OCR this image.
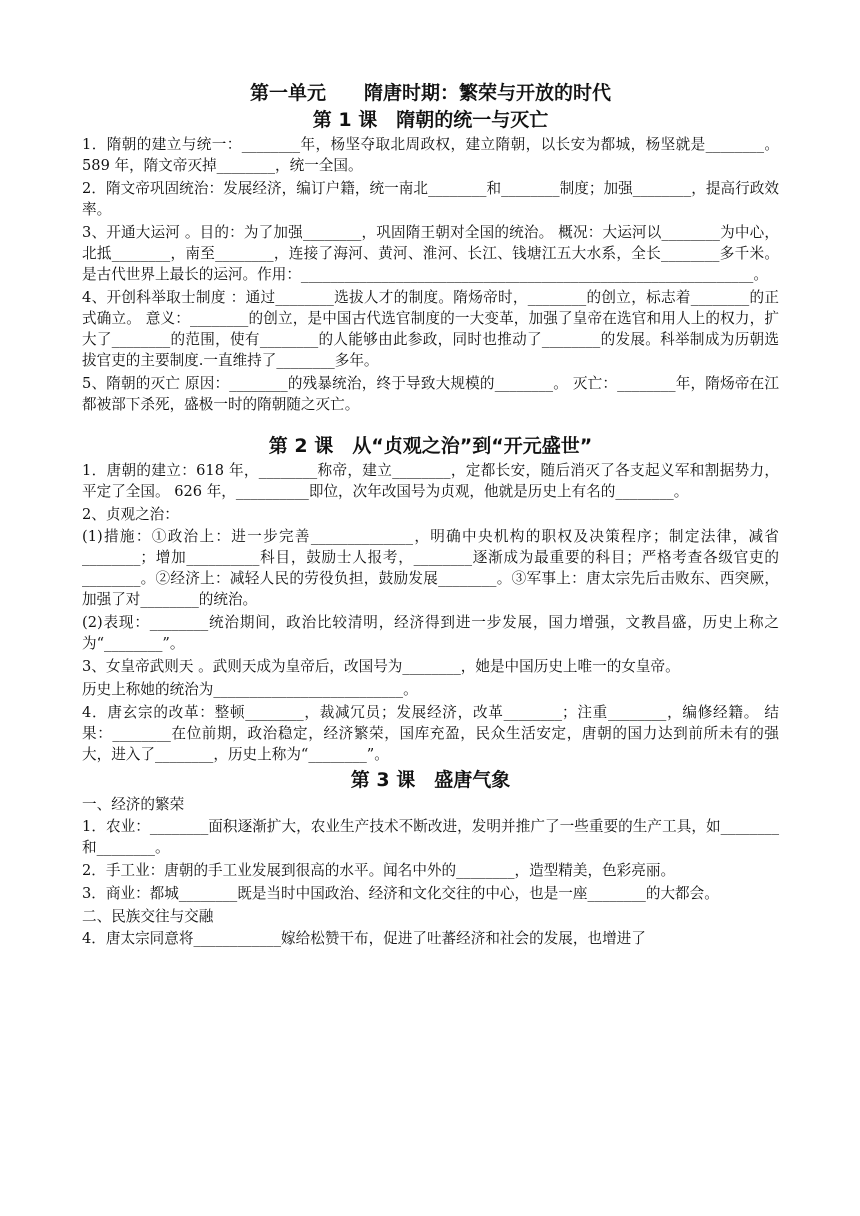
第一单元　　隋唐时期：繁荣与开放的时代
第 1 课　隋朝的统一与灭亡

1．隋朝的建立与统一：________年，杨坚夺取北周政权，建立隋朝，以长安为都城，杨坚就是________。589 年，隋文帝灭掉________，统一全国。

2．隋文帝巩固统治：发展经济，编订户籍，统一南北________和________制度；加强________，提高行政效率。

3、开通大运河 。目的：为了加强________，巩固隋王朝对全国的统治。 概况：大运河以________为中心，北抵________，南至________，连接了海河、黄河、淮河、长江、钱塘江五大水系，全长________多千米。 是古代世界上最长的运河。作用：______________________________________________________________。

4、开创科举取士制度 ：通过________选拔人才的制度。隋炀帝时，________的创立，标志着________的正式确立。 意义：________的创立，是中国古代选官制度的一大变革，加强了皇帝在选官和用人上的权力，扩大了________的范围，使有________的人能够由此参政，同时也推动了________的发展。科举制成为历朝选拔官吏的主要制度.一直维持了________多年。

5、隋朝的灭亡 原因：________的残暴统治，终于导致大规模的________。 灭亡：________年，隋炀帝在江都被部下杀死，盛极一时的隋朝随之灭亡。

第 2 课　从“贞观之治”到“开元盛世”

1．唐朝的建立：618 年，________称帝，建立________，定都长安，随后消灭了各支起义军和割据势力，平定了全国。 626 年，__________即位，次年改国号为贞观，他就是历史上有名的________。

2、贞观之治：

(1)措施：①政治上：进一步完善______________，明确中央机构的职权及决策程序；制定法律，减省________；增加__________科目，鼓励士人报考，________逐渐成为最重要的科目；严格考查各级官吏的________。②经济上：减轻人民的劳役负担，鼓励发展________。③军事上：唐太宗先后击败东、西突厥，加强了对________的统治。

(2)表现：________统治期间，政治比较清明，经济得到进一步发展，国力增强，文教昌盛，历史上称之为“________”。

3、女皇帝武则天 。武则天成为皇帝后，改国号为________，她是中国历史上唯一的女皇帝。

历史上称她的统治为__________________________。

4．唐玄宗的改革：整顿________，裁减冗员；发展经济，改革________；注重________，编修经籍。 结果：________在位前期，政治稳定，经济繁荣，国库充盈，民众生活安定，唐朝的国力达到前所未有的强大，进入了________，历史上称为“________”。

第 3 课　盛唐气象

一、经济的繁荣

1．农业：________面积逐渐扩大，农业生产技术不断改进，发明并推广了一些重要的生产工具，如________和________。

2．手工业：唐朝的手工业发展到很高的水平。闻名中外的________，造型精美，色彩亮丽。

3．商业：都城________既是当时中国政治、经济和文化交往的中心，也是一座________的大都会。

二、民族交往与交融

4．唐太宗同意将____________嫁给松赞干布，促进了吐蕃经济和社会的发展，也增进了
